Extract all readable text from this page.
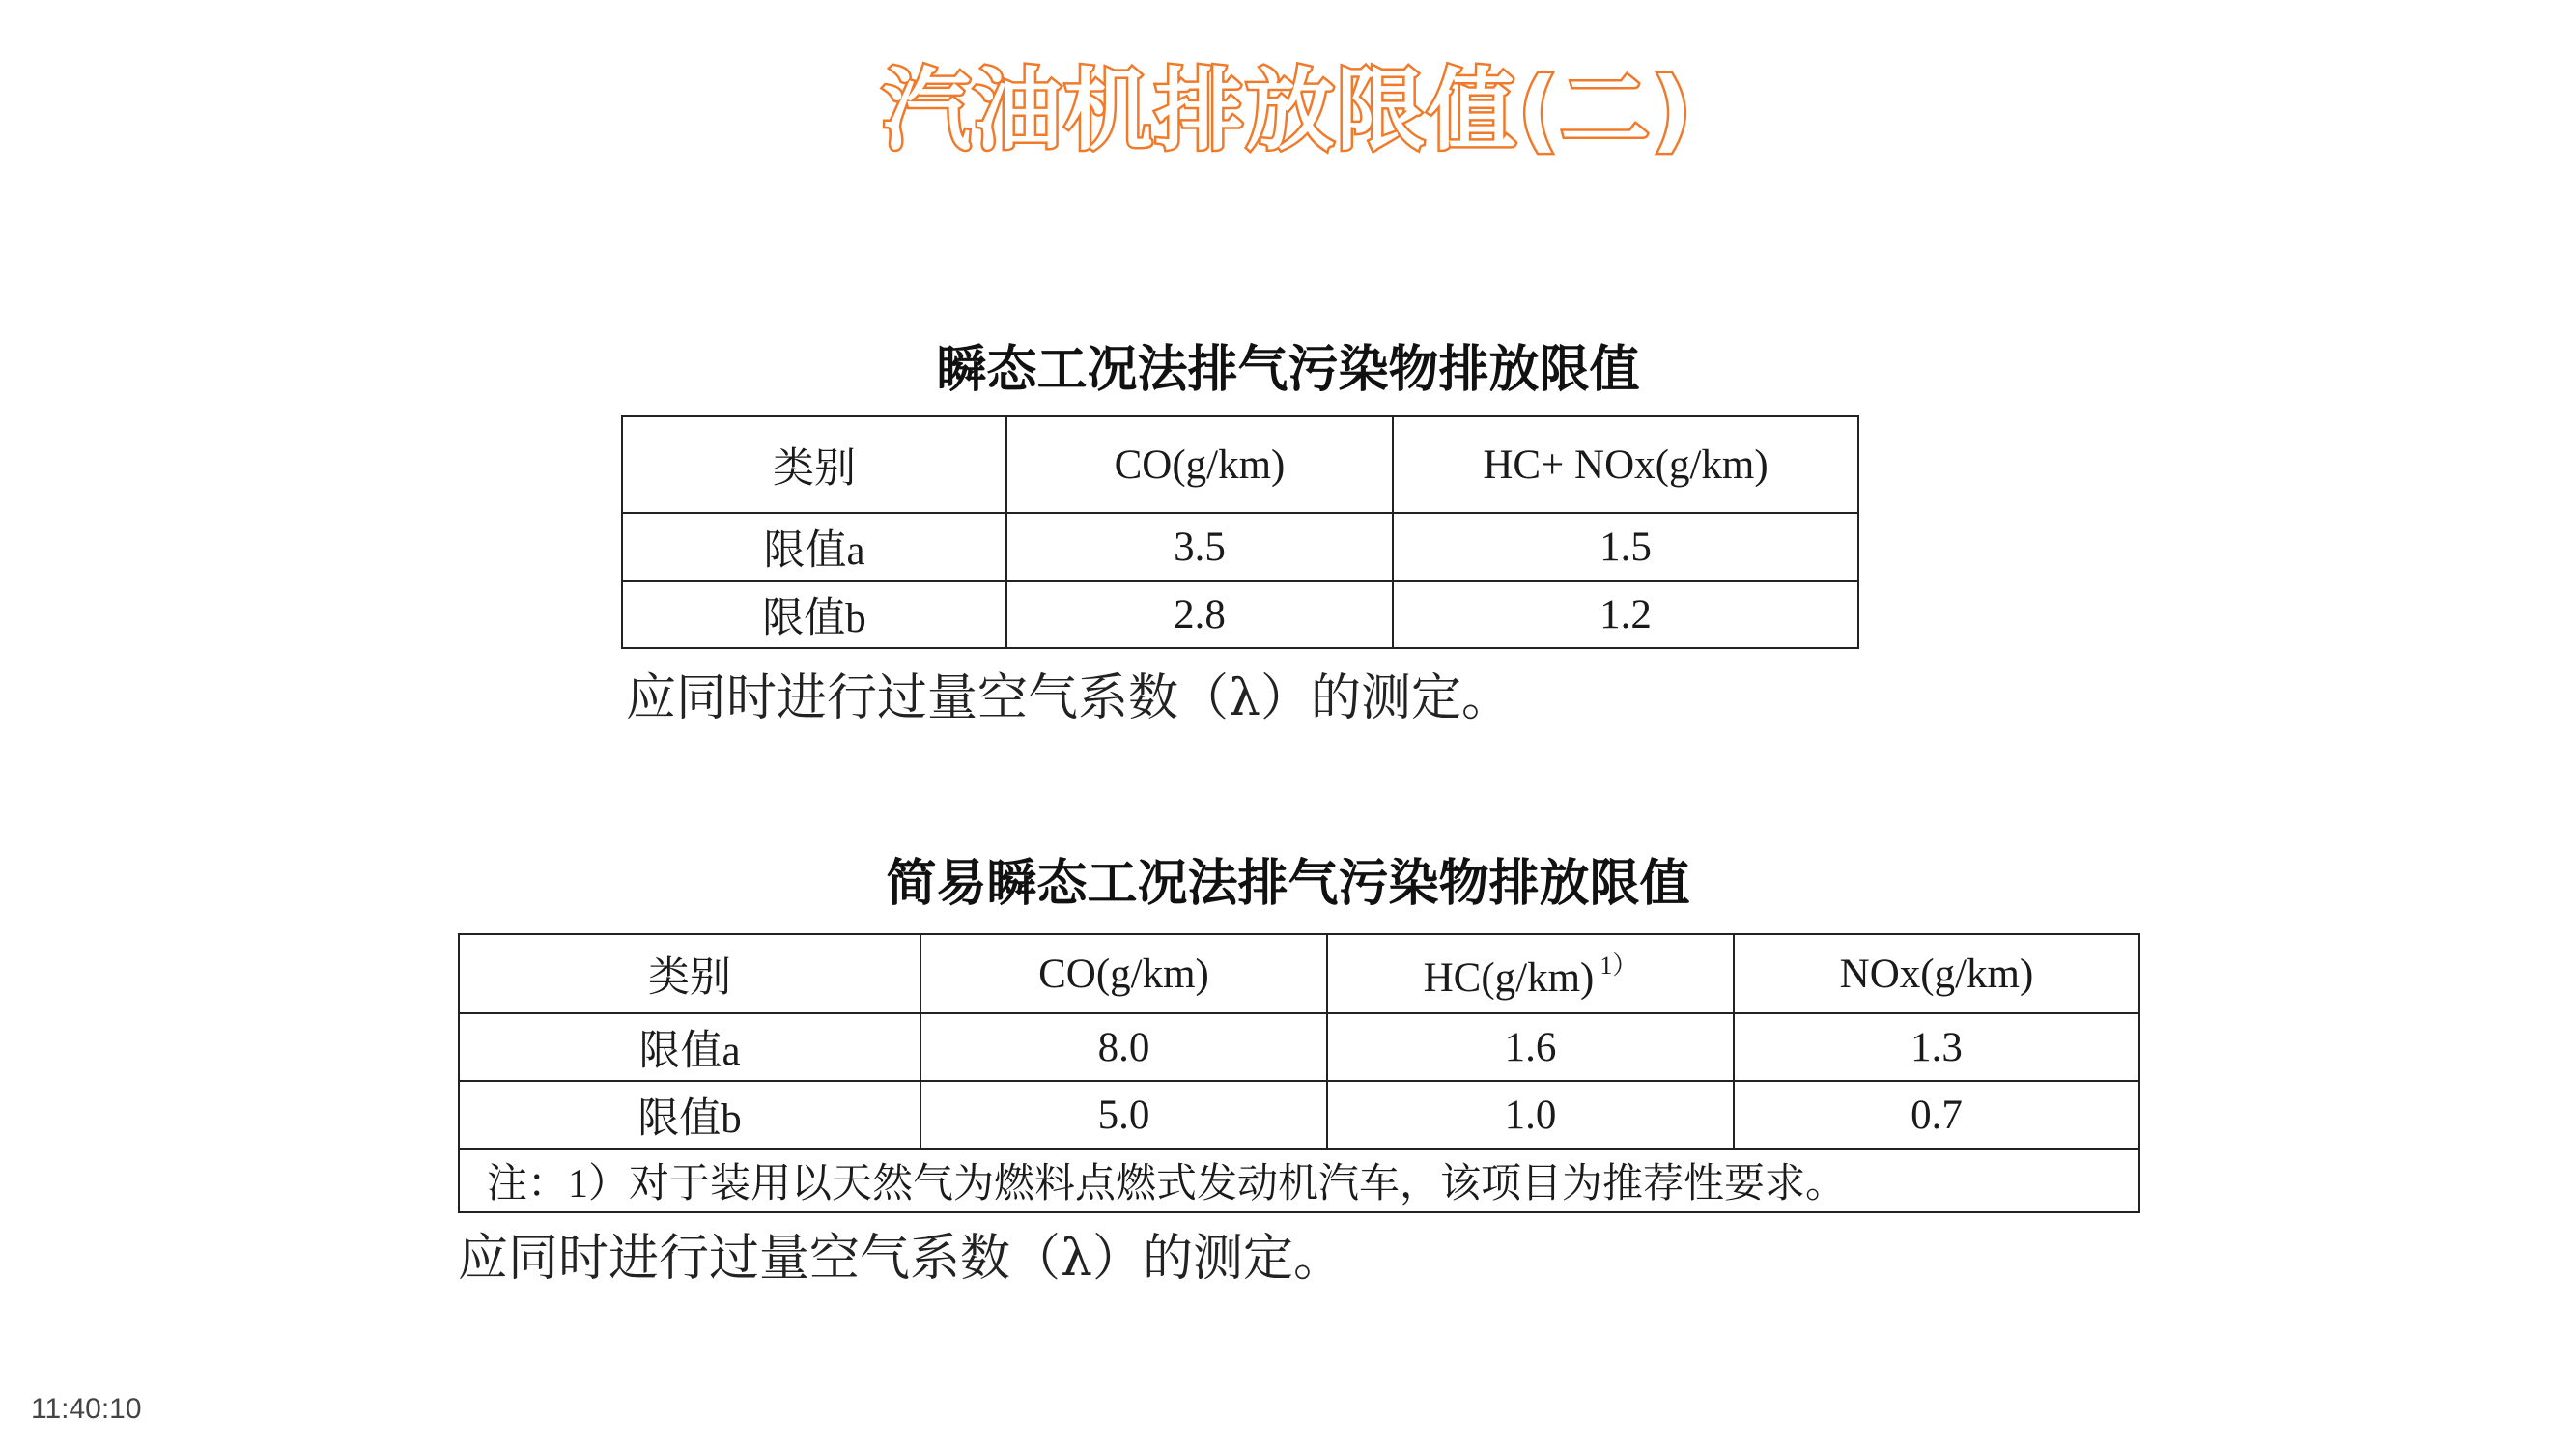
汽油机排放限值(二)
瞬态工况法排气污染物排放限值
类别	CO(g/km)	HC+ NOx(g/km)
限值a	3.5	1.5
限值b	2.8	1.2
应同时进行过量空气系数（λ）的测定。
简易瞬态工况法排气污染物排放限值
类别	CO(g/km)	HC(g/km) $^{1)}$	NOx(g/km)
限值a	8.0	1.6	1.3
限值b	5.0	1.0	0.7
注：1）对于装用以天然气为燃料点燃式发动机汽车，该项目为推荐性要求。			
应同时进行过量空气系数（λ）的测定。
11:40:10
